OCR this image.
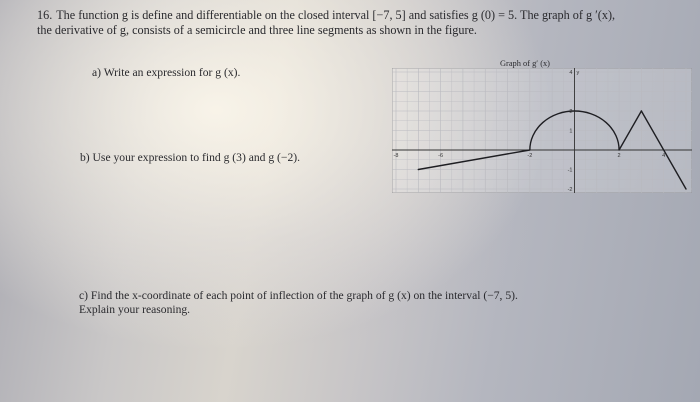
16. The function g is define and differentiable on the closed interval [−7, 5] and satisfies g (0) = 5. The graph of g ′(x),
the derivative of g, consists of a semicircle and three line segments as shown in the figure.
a) Write an expression for g (x).
b) Use your expression to find g (3) and g (−2).
c) Find the x-coordinate of each point of inflection of the graph of g (x) on the interval (−7, 5).
Explain your reasoning.
Graph of g′ (x)
-8	-6	-2	2	4
4
2
1
-1
-2
y
